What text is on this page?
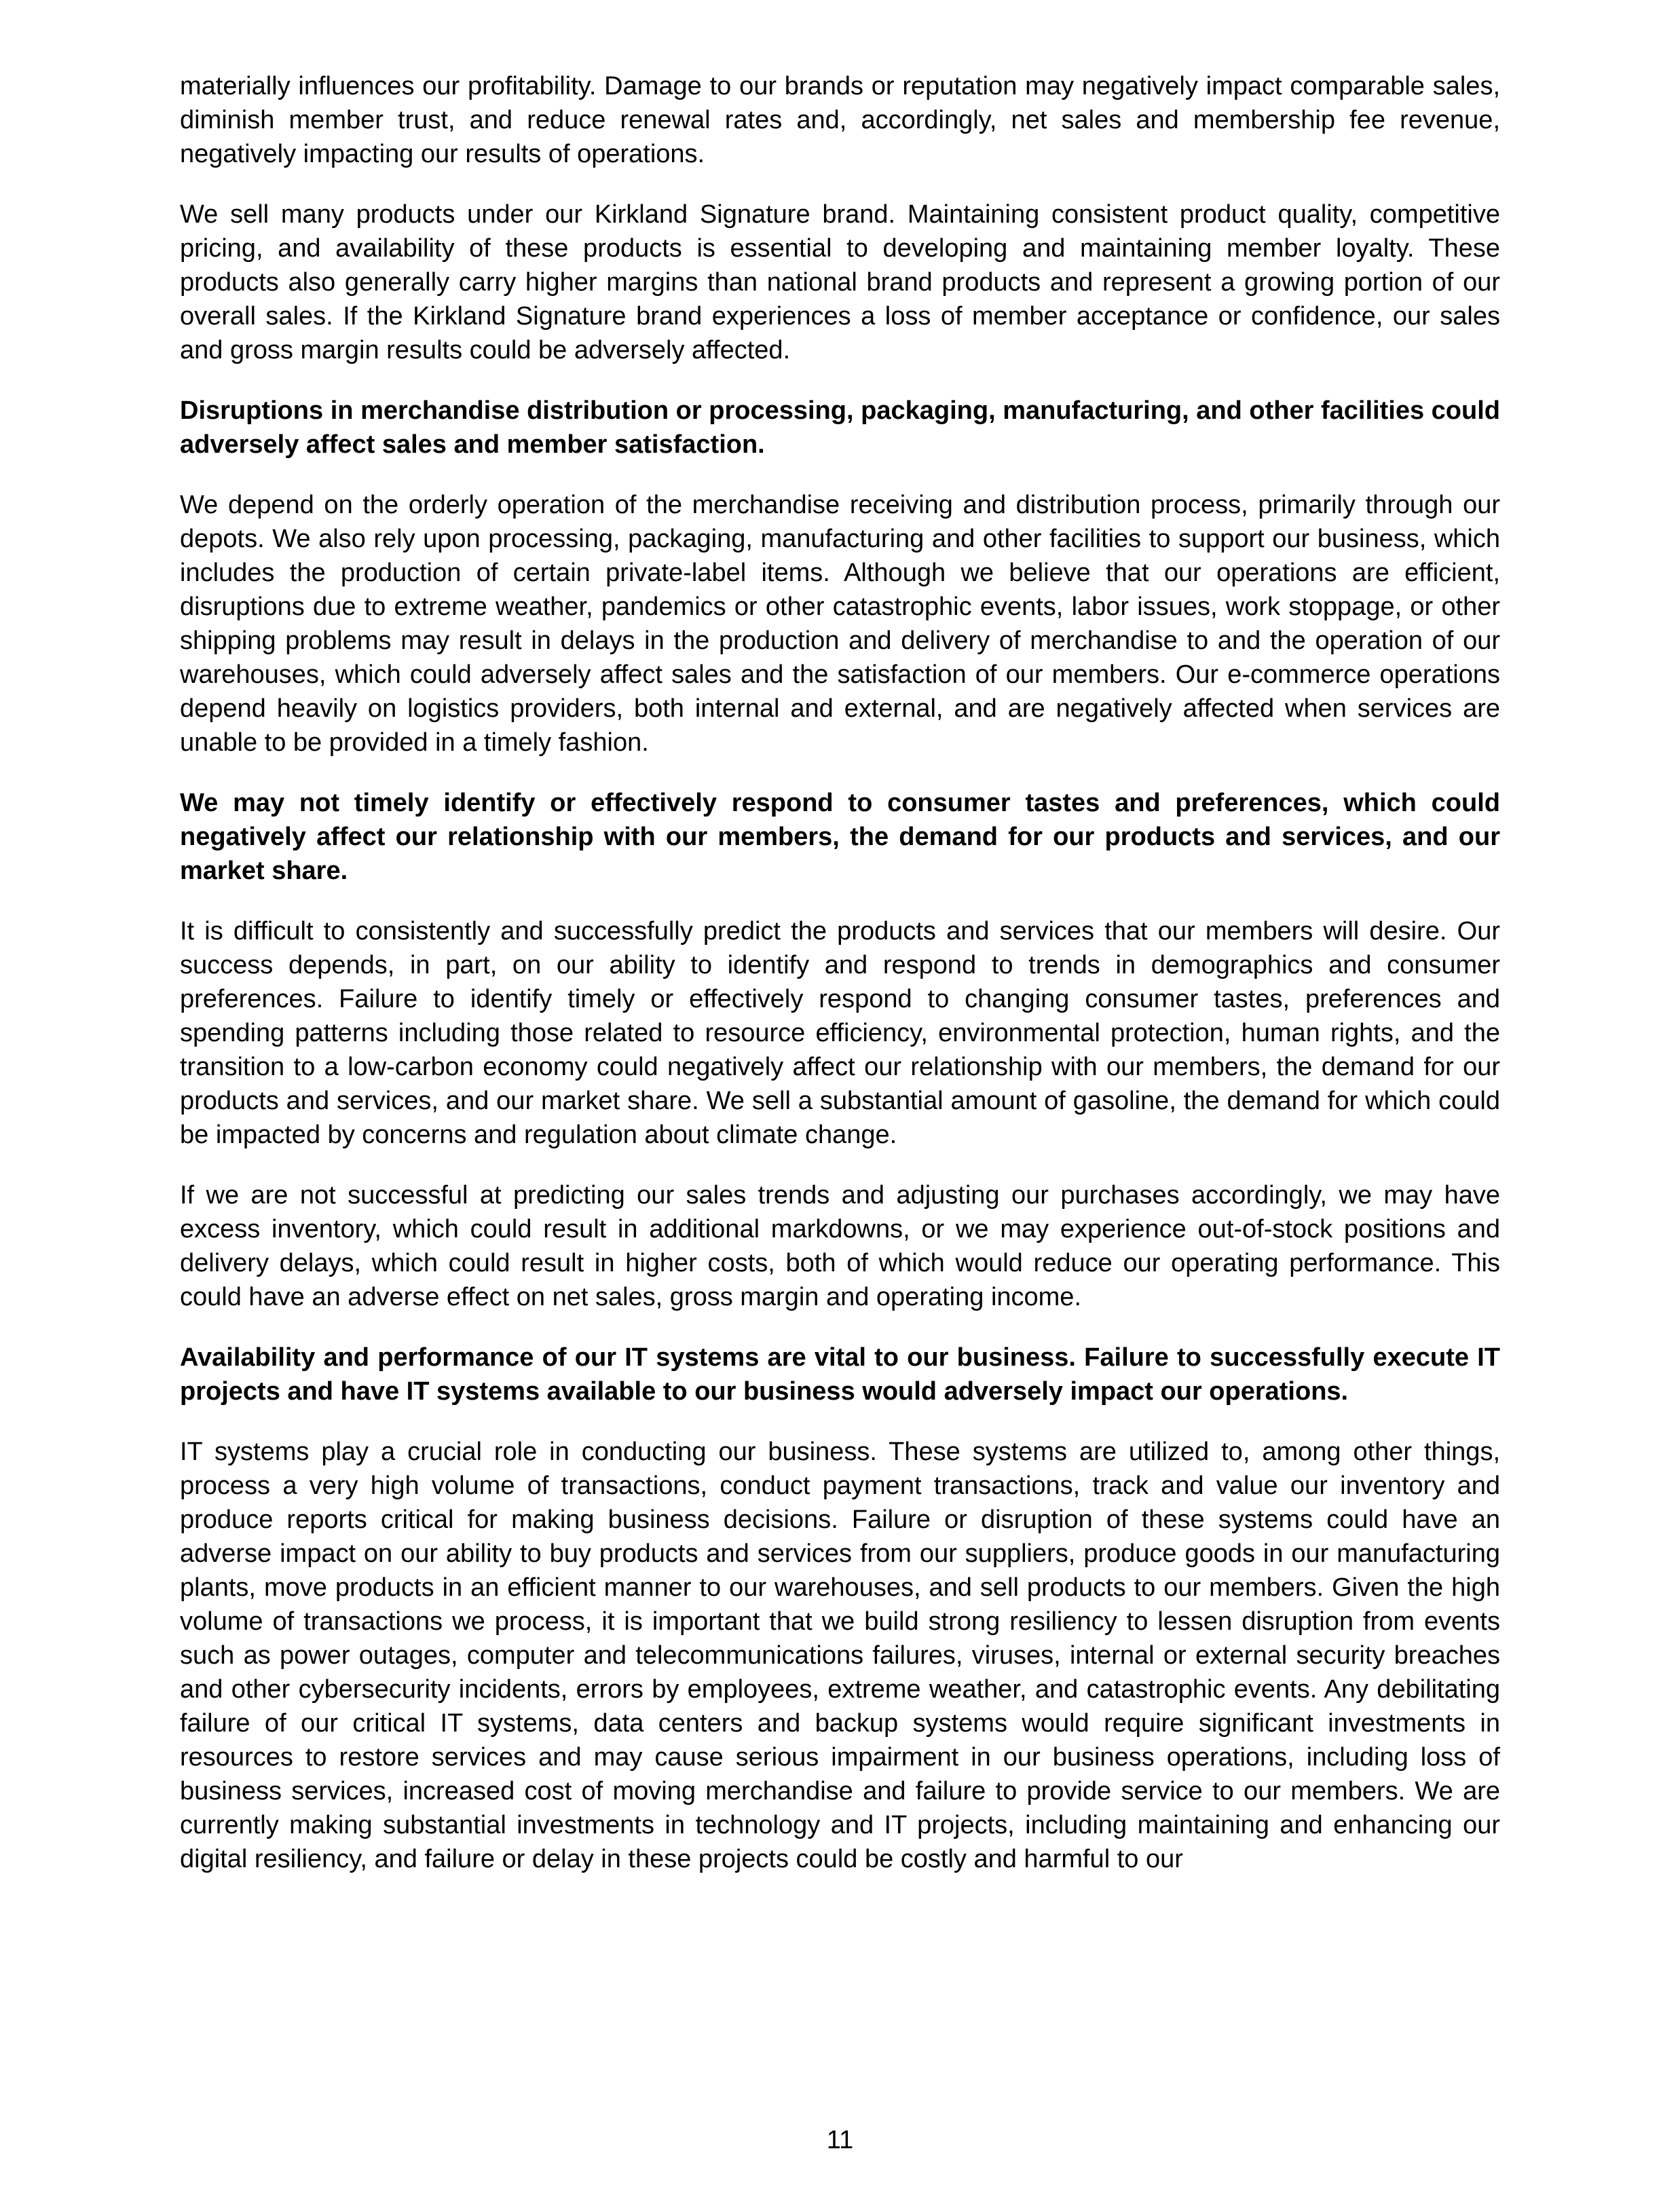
materially influences our profitability. Damage to our brands or reputation may negatively impact comparable sales, diminish member trust, and reduce renewal rates and, accordingly, net sales and membership fee revenue, negatively impacting our results of operations.

We sell many products under our Kirkland Signature brand. Maintaining consistent product quality, competitive pricing, and availability of these products is essential to developing and maintaining member loyalty. These products also generally carry higher margins than national brand products and represent a growing portion of our overall sales. If the Kirkland Signature brand experiences a loss of member acceptance or confidence, our sales and gross margin results could be adversely affected.

Disruptions in merchandise distribution or processing, packaging, manufacturing, and other facilities could adversely affect sales and member satisfaction.

We depend on the orderly operation of the merchandise receiving and distribution process, primarily through our depots. We also rely upon processing, packaging, manufacturing and other facilities to support our business, which includes the production of certain private-label items. Although we believe that our operations are efficient, disruptions due to extreme weather, pandemics or other catastrophic events, labor issues, work stoppage, or other shipping problems may result in delays in the production and delivery of merchandise to and the operation of our warehouses, which could adversely affect sales and the satisfaction of our members. Our e-commerce operations depend heavily on logistics providers, both internal and external, and are negatively affected when services are unable to be provided in a timely fashion.

We may not timely identify or effectively respond to consumer tastes and preferences, which could negatively affect our relationship with our members, the demand for our products and services, and our market share.

It is difficult to consistently and successfully predict the products and services that our members will desire. Our success depends, in part, on our ability to identify and respond to trends in demographics and consumer preferences. Failure to identify timely or effectively respond to changing consumer tastes, preferences and spending patterns including those related to resource efficiency, environmental protection, human rights, and the transition to a low-carbon economy could negatively affect our relationship with our members, the demand for our products and services, and our market share. We sell a substantial amount of gasoline, the demand for which could be impacted by concerns and regulation about climate change.

If we are not successful at predicting our sales trends and adjusting our purchases accordingly, we may have excess inventory, which could result in additional markdowns, or we may experience out-of-stock positions and delivery delays, which could result in higher costs, both of which would reduce our operating performance. This could have an adverse effect on net sales, gross margin and operating income.

Availability and performance of our IT systems are vital to our business. Failure to successfully execute IT projects and have IT systems available to our business would adversely impact our operations.

IT systems play a crucial role in conducting our business. These systems are utilized to, among other things, process a very high volume of transactions, conduct payment transactions, track and value our inventory and produce reports critical for making business decisions. Failure or disruption of these systems could have an adverse impact on our ability to buy products and services from our suppliers, produce goods in our manufacturing plants, move products in an efficient manner to our warehouses, and sell products to our members. Given the high volume of transactions we process, it is important that we build strong resiliency to lessen disruption from events such as power outages, computer and telecommunications failures, viruses, internal or external security breaches and other cybersecurity incidents, errors by employees, extreme weather, and catastrophic events. Any debilitating failure of our critical IT systems, data centers and backup systems would require significant investments in resources to restore services and may cause serious impairment in our business operations, including loss of business services, increased cost of moving merchandise and failure to provide service to our members. We are currently making substantial investments in technology and IT projects, including maintaining and enhancing our digital resiliency, and failure or delay in these projects could be costly and harmful to our

11
